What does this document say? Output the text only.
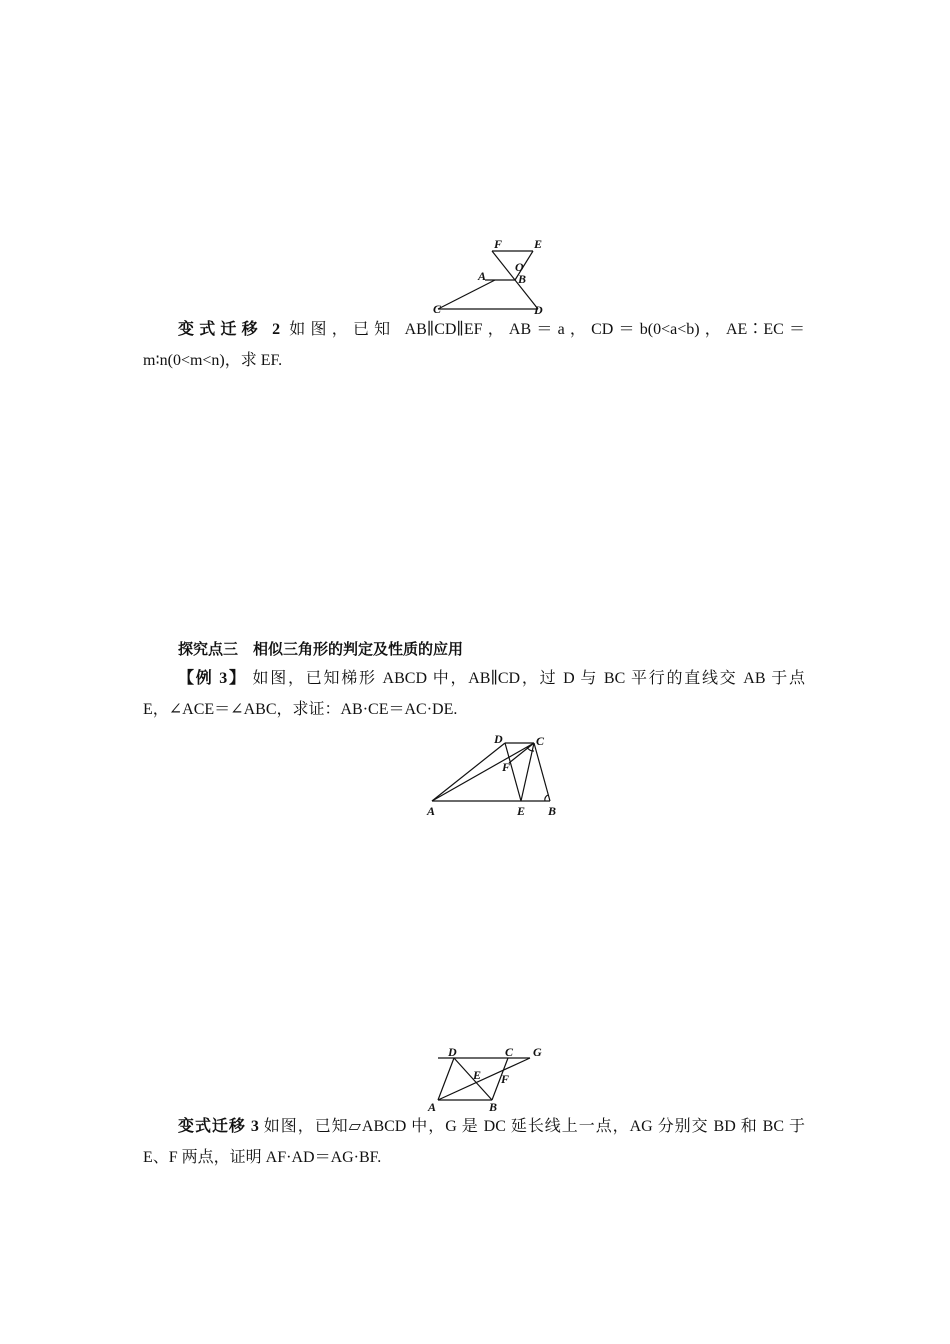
F	E
O
A	B
C	D
变式迁移 2 如图，已知 AB∥CD∥EF，AB＝a，CD＝b(0<a<b)，AE∶EC＝
m∶n(0<m<n)，求 EF.
探究点三　相似三角形的判定及性质的应用
【例 3】 如图，已知梯形 ABCD 中，AB∥CD，过 D 与 BC 平行的直线交 AB 于点
E，∠ACE＝∠ABC，求证：AB·CE＝AC·DE.
D	C
F
A	E B
D	C G
E F
A	B
变式迁移 3 如图，已知▱ABCD 中，G 是 DC 延长线上一点，AG 分别交 BD 和 BC 于
E、F 两点，证明 AF·AD＝AG·BF.
